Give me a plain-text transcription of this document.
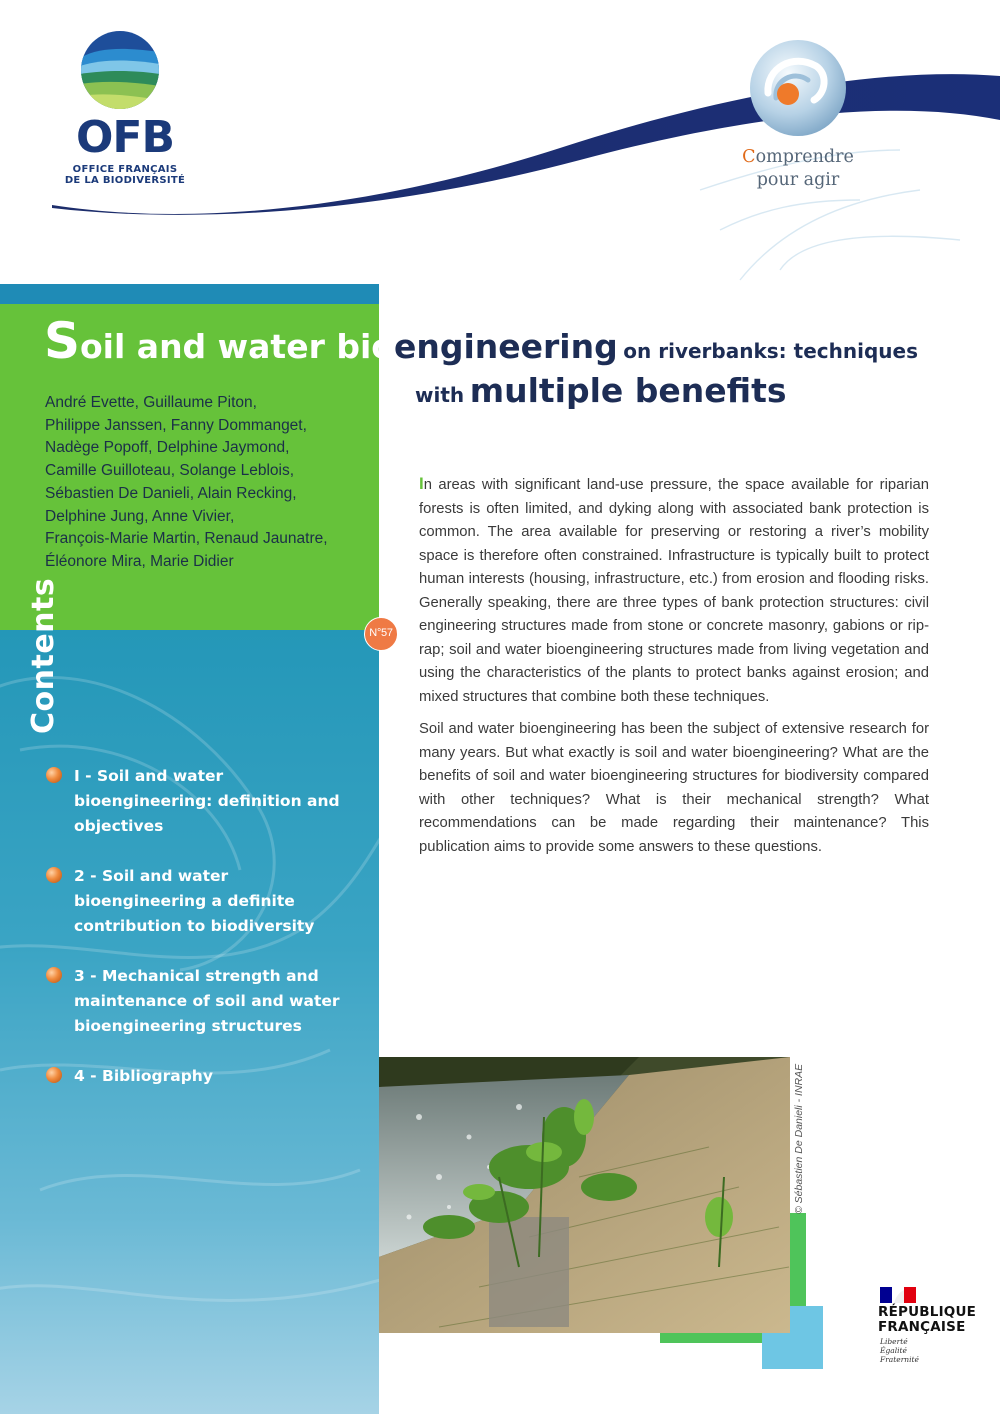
OFB
OFFICE FRANÇAIS
DE LA BIODIVERSITÉ
Comprendre
pour agir
Soil and water bioengineering on riverbanks: techniques
with multiple benefits
André Evette, Guillaume Piton,
Philippe Janssen, Fanny Dommanget,
Nadège Popoff, Delphine Jaymond,
Camille Guilloteau, Solange Leblois,
Sébastien De Danieli, Alain Recking,
Delphine Jung, Anne Vivier,
François-Marie Martin, Renaud Jaunatre,
Éléonore Mira, Marie Didier
Contents	N°57
I - Soil and water bioengineering: definition and objectives
2 - Soil and water bioengineering a definite contribution to biodiversity
3 - Mechanical strength and maintenance of soil and water bioengineering structures
4 - Bibliography

In areas with significant land-use pressure, the space available for riparian forests is often limited, and dyking along with associated bank protection is common. The area available for preserving or restoring a river’s mobility space is therefore often constrained. Infrastructure is typically built to protect human interests (housing, infrastructure, etc.) from erosion and flooding risks. Generally speaking, there are three types of bank protection structures: civil engineering structures made from stone or concrete masonry, gabions or rip-rap; soil and water bioengineering structures made from living vegetation and using the characteristics of the plants to protect banks against erosion; and mixed structures that combine both these techniques.

Soil and water bioengineering has been the subject of extensive research for many years. But what exactly is soil and water bioengineering? What are the benefits of soil and water bioengineering structures for biodiversity compared with other techniques? What is their mechanical strength? What recommendations can be made regarding their maintenance? This publication aims to provide some answers to these questions.

© Sébastien De Danieli - INRAE
RÉPUBLIQUE
FRANÇAISE
Liberté
Égalité
Fraternité
